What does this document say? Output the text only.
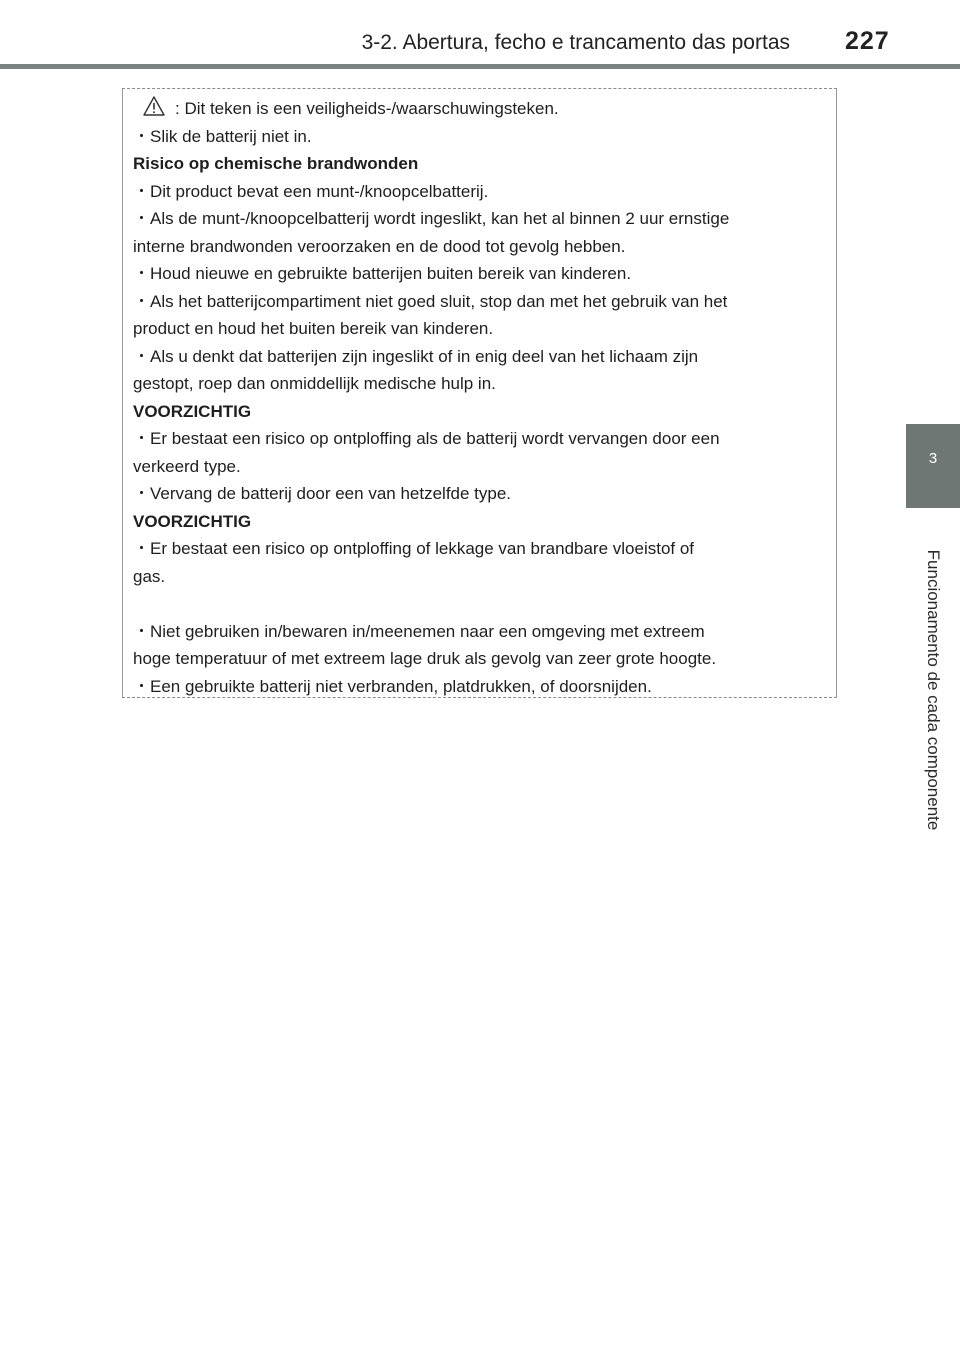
3-2. Abertura, fecho e trancamento das portas 227
3
Funcionamento de cada componente
: Dit teken is een veiligheids-/waarschuwingsteken.
・Slik de batterij niet in.
Risico op chemische brandwonden
・Dit product bevat een munt-/knoopcelbatterij.
・Als de munt-/knoopcelbatterij wordt ingeslikt, kan het al binnen 2 uur ernstige
interne brandwonden veroorzaken en de dood tot gevolg hebben.
・Houd nieuwe en gebruikte batterijen buiten bereik van kinderen.
・Als het batterijcompartiment niet goed sluit, stop dan met het gebruik van het
product en houd het buiten bereik van kinderen.
・Als u denkt dat batterijen zijn ingeslikt of in enig deel van het lichaam zijn
gestopt, roep dan onmiddellijk medische hulp in.
VOORZICHTIG
・Er bestaat een risico op ontploffing als de batterij wordt vervangen door een
verkeerd type.
・Vervang de batterij door een van hetzelfde type.
VOORZICHTIG
・Er bestaat een risico op ontploffing of lekkage van brandbare vloeistof of
gas.
・Niet gebruiken in/bewaren in/meenemen naar een omgeving met extreem
hoge temperatuur of met extreem lage druk als gevolg van zeer grote hoogte.
・Een gebruikte batterij niet verbranden, platdrukken, of doorsnijden.
